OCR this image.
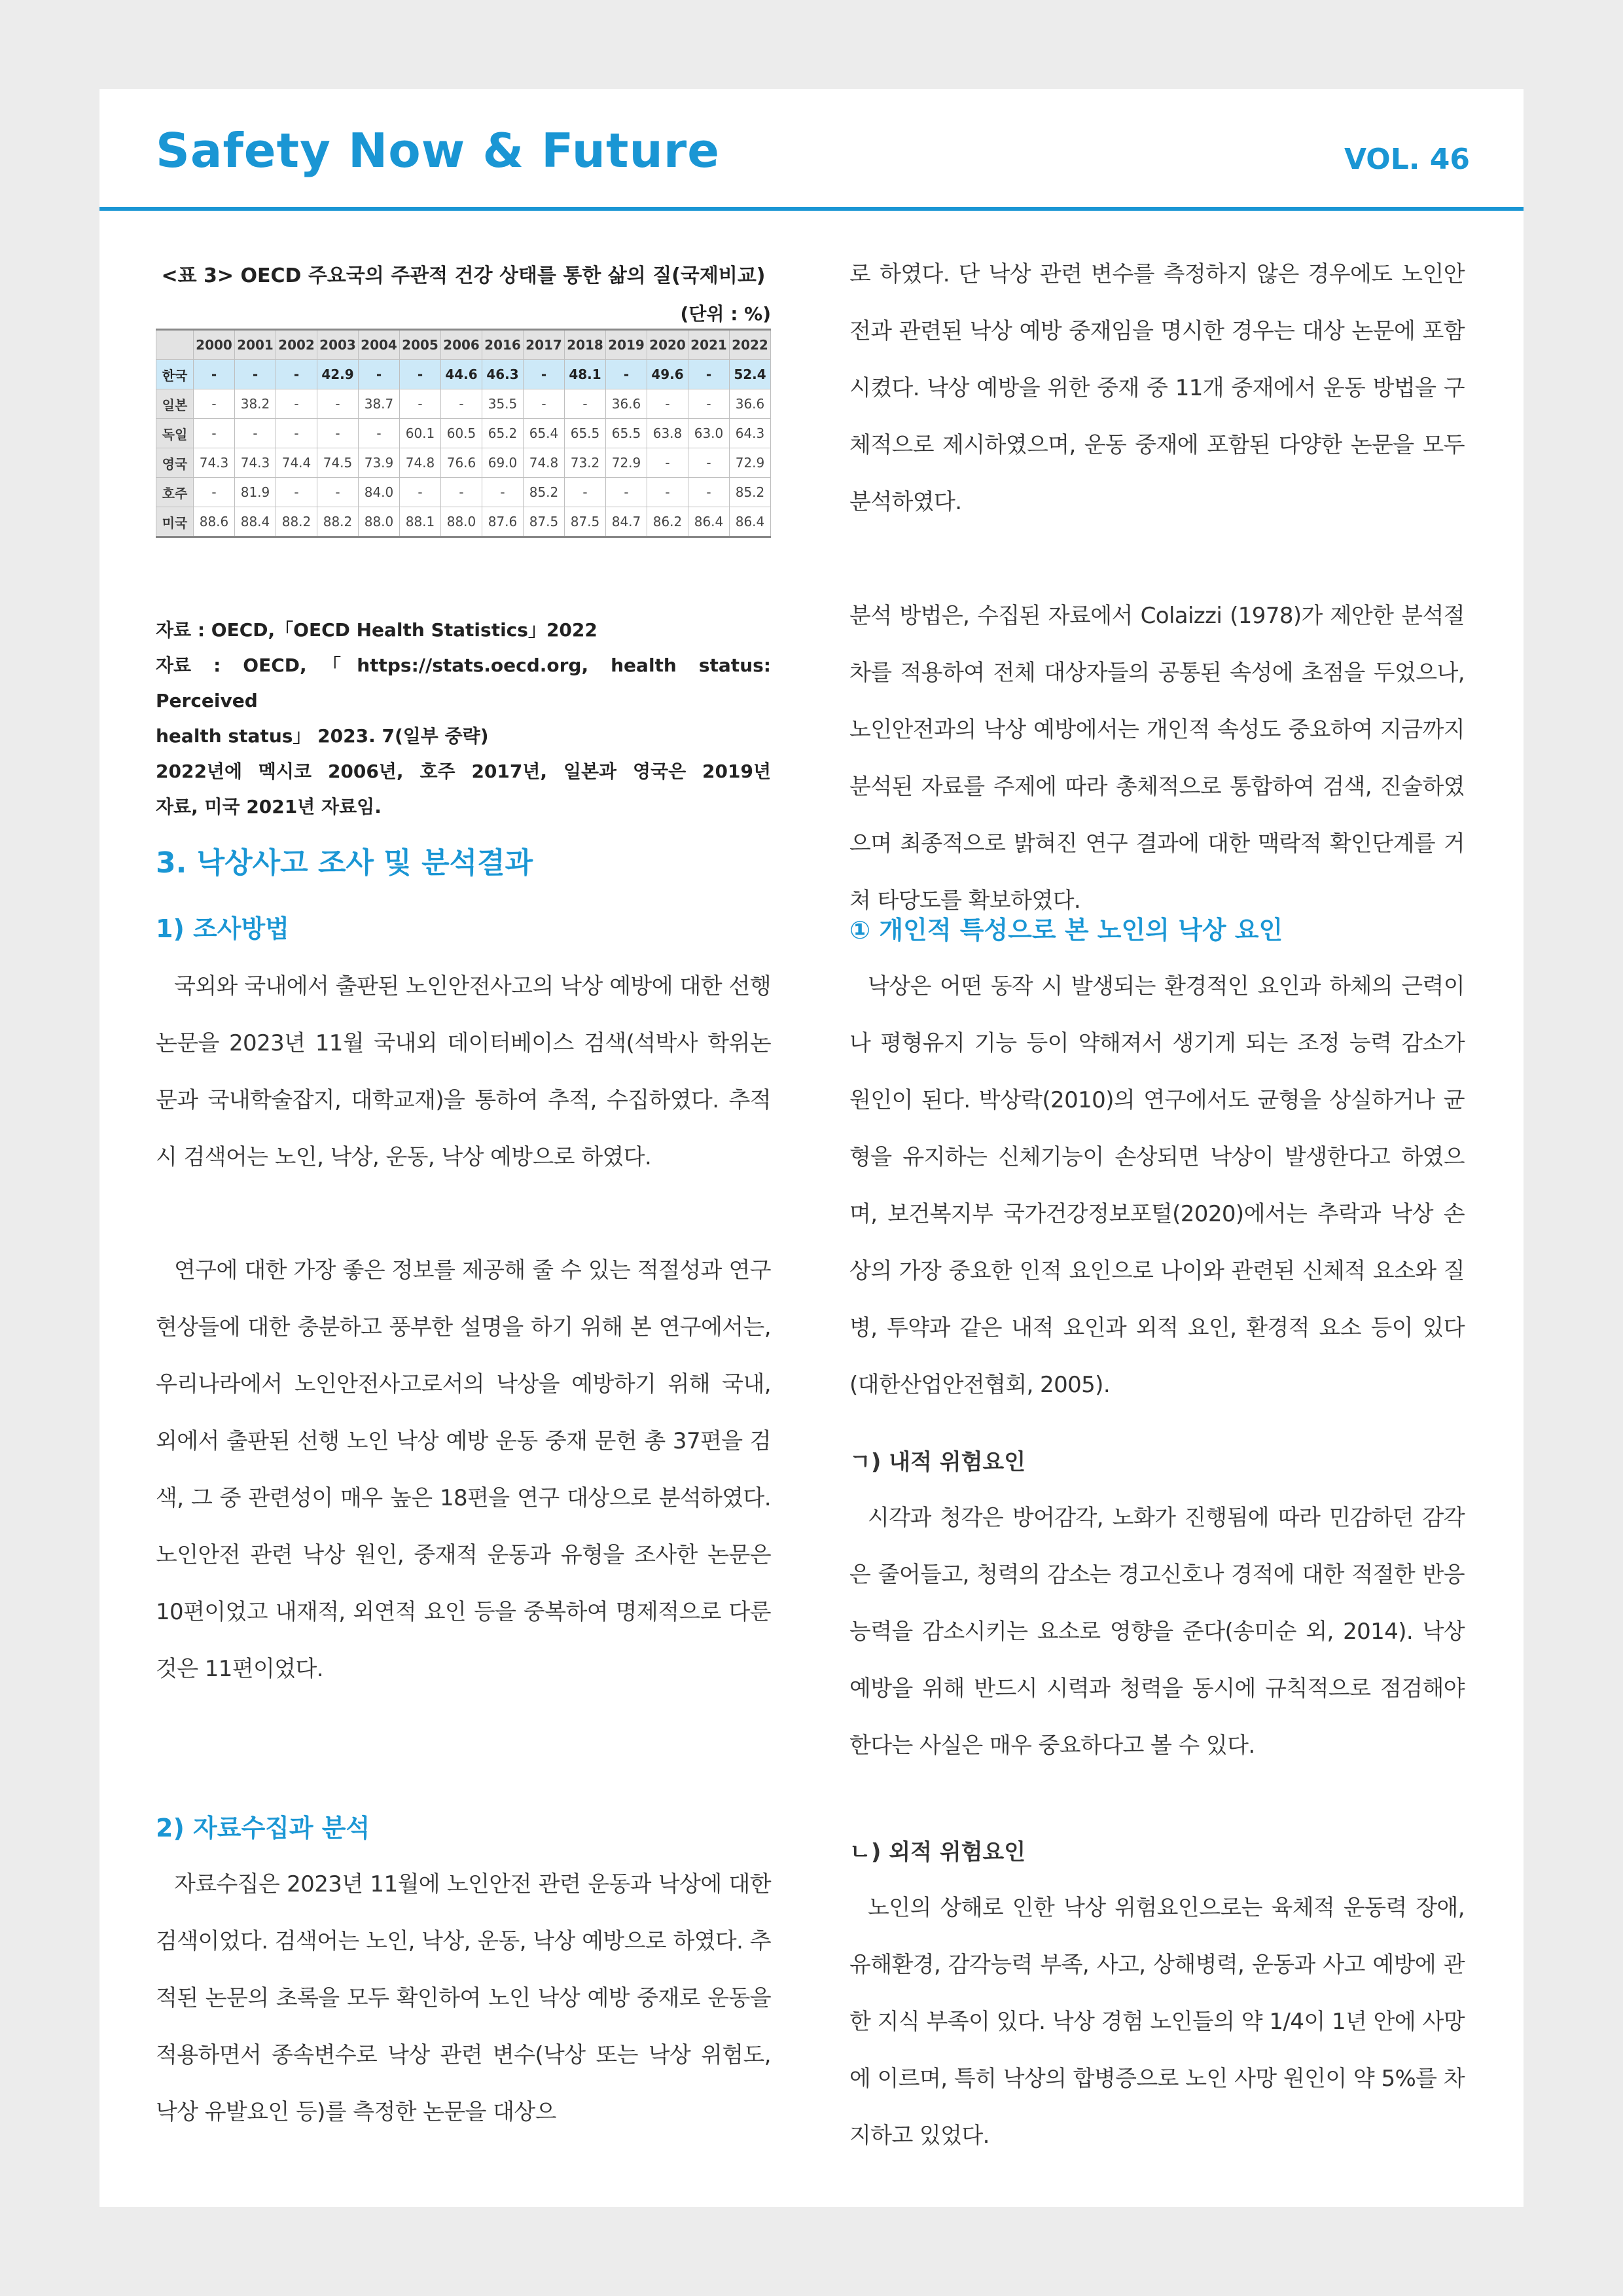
Safety Now & Future	VOL. 46
<표 3> OECD 주요국의 주관적 건강 상태를 통한 삶의 질(국제비교)
(단위 : %)
	2000	2001	2002	2003	2004	2005	2006	2016	2017	2018	2019	2020	2021	2022
한국	-	-	-	42.9	-	-	44.6	46.3	-	48.1	-	49.6	-	52.4
일본	-	38.2	-	-	38.7	-	-	35.5	-	-	36.6	-	-	36.6
독일	-	-	-	-	-	60.1	60.5	65.2	65.4	65.5	65.5	63.8	63.0	64.3
영국	74.3	74.3	74.4	74.5	73.9	74.8	76.6	69.0	74.8	73.2	72.9	-	-	72.9
호주	-	81.9	-	-	84.0	-	-	-	85.2	-	-	-	-	85.2
미국	88.6	88.4	88.2	88.2	88.0	88.1	88.0	87.6	87.5	87.5	84.7	86.2	86.4	86.4
자료 : OECD,「OECD Health Statistics」2022
자료 : OECD,「https://stats.oecd.org, health status: Perceived
health status」 2023. 7(일부 중략)
2022년에 멕시코 2006년, 호주 2017년, 일본과 영국은 2019년
자료, 미국 2021년 자료임.
3. 낙상사고 조사 및 분석결과
1) 조사방법
국외와 국내에서 출판된 노인안전사고의 낙상 예방에 대한 선행논문을 2023년 11월 국내외 데이터베이스 검색(석박사 학위논문과 국내학술잡지, 대학교재)을 통하여 추적, 수집하였다. 추적 시 검색어는 노인, 낙상, 운동, 낙상 예방으로 하였다.
연구에 대한 가장 좋은 정보를 제공해 줄 수 있는 적절성과 연구 현상들에 대한 충분하고 풍부한 설명을 하기 위해 본 연구에서는, 우리나라에서 노인안전사고로서의 낙상을 예방하기 위해 국내, 외에서 출판된 선행 노인 낙상 예방 운동 중재 문헌 총 37편을 검색, 그 중 관련성이 매우 높은 18편을 연구 대상으로 분석하였다. 노인안전 관련 낙상 원인, 중재적 운동과 유형을 조사한 논문은 10편이었고 내재적, 외연적 요인 등을 중복하여 명제적으로 다룬 것은 11편이었다.
2) 자료수집과 분석
자료수집은 2023년 11월에 노인안전 관련 운동과 낙상에 대한 검색이었다. 검색어는 노인, 낙상, 운동, 낙상 예방으로 하였다. 추적된 논문의 초록을 모두 확인하여 노인 낙상 예방 중재로 운동을 적용하면서 종속변수로 낙상 관련 변수(낙상 또는 낙상 위험도, 낙상 유발요인 등)를 측정한 논문을 대상으
로 하였다. 단 낙상 관련 변수를 측정하지 않은 경우에도 노인안전과 관련된 낙상 예방 중재임을 명시한 경우는 대상 논문에 포함시켰다. 낙상 예방을 위한 중재 중 11개 중재에서 운동 방법을 구체적으로 제시하였으며, 운동 중재에 포함된 다양한 논문을 모두 분석하였다.
분석 방법은, 수집된 자료에서 Colaizzi (1978)가 제안한 분석절차를 적용하여 전체 대상자들의 공통된 속성에 초점을 두었으나, 노인안전과의 낙상 예방에서는 개인적 속성도 중요하여 지금까지 분석된 자료를 주제에 따라 총체적으로 통합하여 검색, 진술하였으며 최종적으로 밝혀진 연구 결과에 대한 맥락적 확인단계를 거쳐 타당도를 확보하였다.
① 개인적 특성으로 본 노인의 낙상 요인
낙상은 어떤 동작 시 발생되는 환경적인 요인과 하체의 근력이나 평형유지 기능 등이 약해져서 생기게 되는 조정 능력 감소가 원인이 된다. 박상락(2010)의 연구에서도 균형을 상실하거나 균형을 유지하는 신체기능이 손상되면 낙상이 발생한다고 하였으며, 보건복지부 국가건강정보포털(2020)에서는 추락과 낙상 손상의 가장 중요한 인적 요인으로 나이와 관련된 신체적 요소와 질병, 투약과 같은 내적 요인과 외적 요인, 환경적 요소 등이 있다(대한산업안전협회, 2005).
ㄱ) 내적 위험요인
시각과 청각은 방어감각, 노화가 진행됨에 따라 민감하던 감각은 줄어들고, 청력의 감소는 경고신호나 경적에 대한 적절한 반응 능력을 감소시키는 요소로 영향을 준다(송미순 외, 2014). 낙상 예방을 위해 반드시 시력과 청력을 동시에 규칙적으로 점검해야 한다는 사실은 매우 중요하다고 볼 수 있다.
ㄴ) 외적 위험요인
노인의 상해로 인한 낙상 위험요인으로는 육체적 운동력 장애, 유해환경, 감각능력 부족, 사고, 상해병력, 운동과 사고 예방에 관한 지식 부족이 있다. 낙상 경험 노인들의 약 1/4이 1년 안에 사망에 이르며, 특히 낙상의 합병증으로 노인 사망 원인이 약 5%를 차지하고 있었다.
